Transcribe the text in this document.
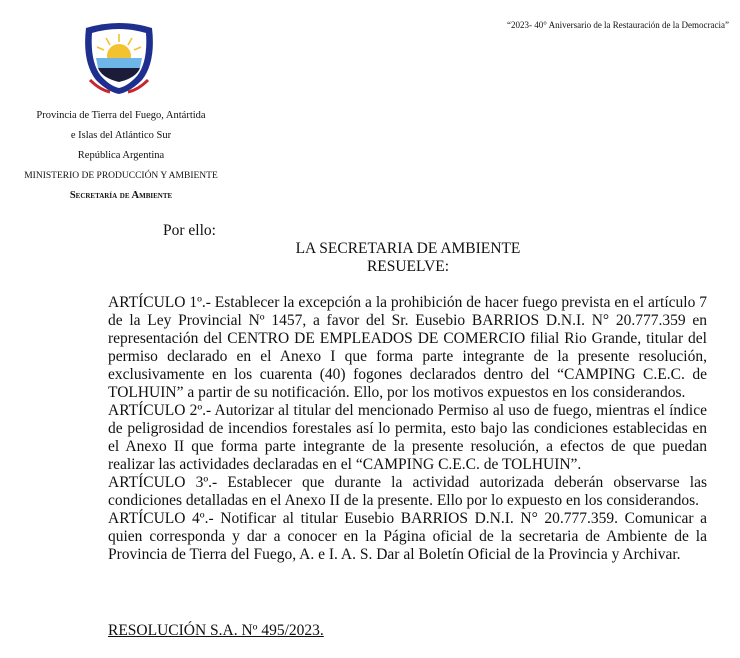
“2023- 40° Aniversario de la Restauración de la Democracia”
Provincia de Tierra del Fuego, Antártida
e Islas del Atlántico Sur
República Argentina
MINISTERIO DE PRODUCCIÓN Y AMBIENTE
Secretaría de Ambiente
Por ello:
LA SECRETARIA DE AMBIENTE
RESUELVE:

ARTÍCULO 1º.- Establecer la excepción a la prohibición de hacer fuego prevista en el artículo 7 de la Ley Provincial Nº 1457, a favor del Sr. Eusebio BARRIOS D.N.I. N° 20.777.359 en representación del CENTRO DE EMPLEADOS DE COMERCIO filial Rio Grande, titular del permiso declarado en el Anexo I que forma parte integrante de la presente resolución, exclusivamente en los cuarenta (40) fogones declarados dentro del “CAMPING C.E.C. de TOLHUIN” a partir de su notificación. Ello, por los motivos expuestos en los considerandos.

ARTÍCULO 2º.- Autorizar al titular del mencionado Permiso al uso de fuego, mientras el índice de peligrosidad de incendios forestales así lo permita, esto bajo las condiciones establecidas en el Anexo II que forma parte integrante de la presente resolución, a efectos de que puedan realizar las actividades declaradas en el “CAMPING C.E.C. de TOLHUIN”.

ARTÍCULO 3º.- Establecer que durante la actividad autorizada deberán observarse las condiciones detalladas en el Anexo II de la presente. Ello por lo expuesto en los considerandos.

ARTÍCULO 4º.- Notificar al titular Eusebio BARRIOS D.N.I. N° 20.777.359. Comunicar a quien corresponda y dar a conocer en la Página oficial de la secretaria de Ambiente de la Provincia de Tierra del Fuego, A. e I. A. S. Dar al Boletín Oficial de la Provincia y Archivar.

RESOLUCIÓN S.A. Nº 495/2023.
